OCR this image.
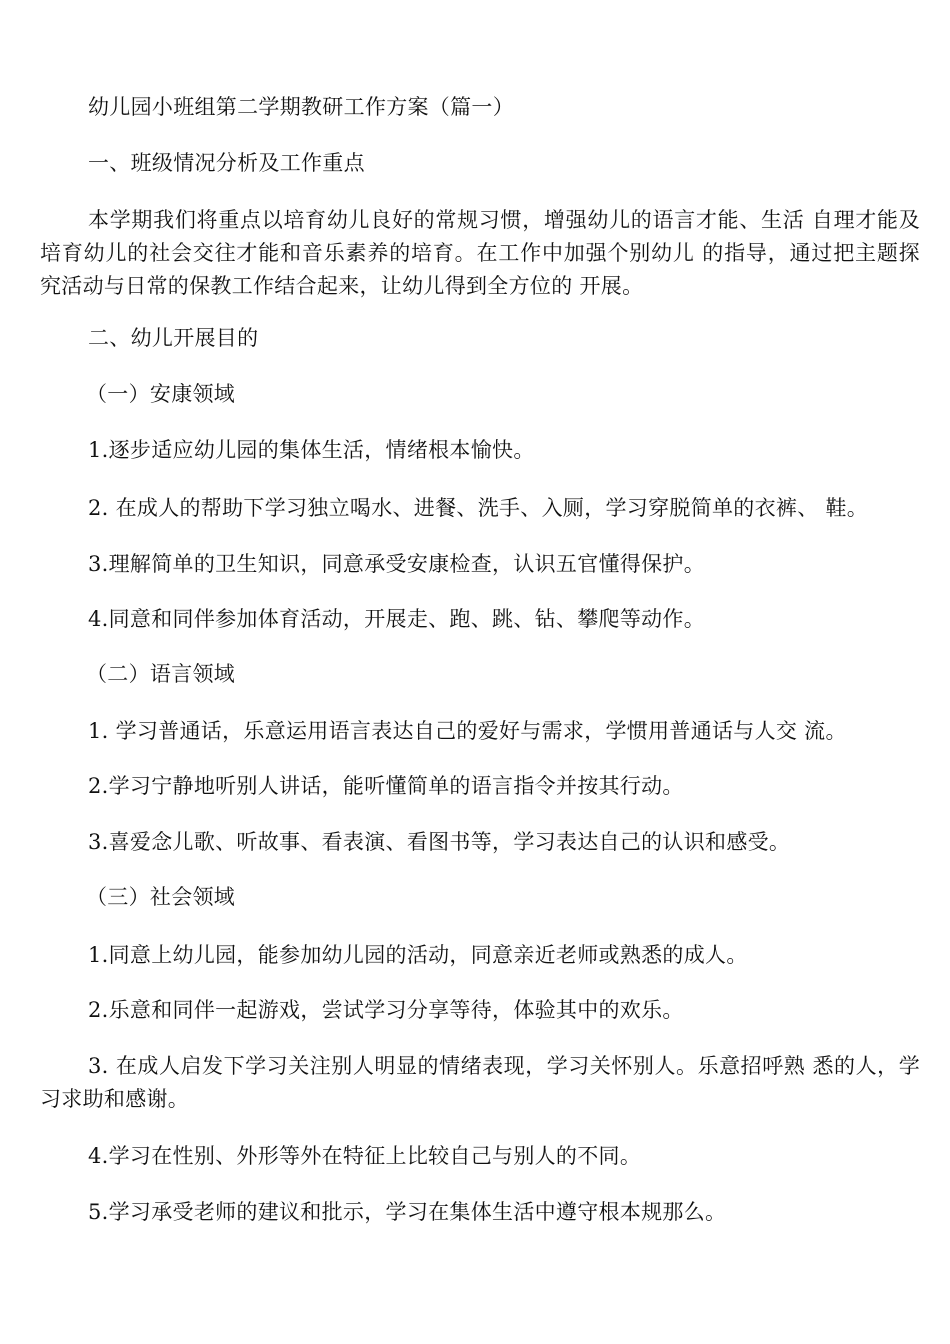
幼儿园小班组第二学期教研工作方案（篇一）
一、班级情况分析及工作重点
本学期我们将重点以培育幼儿良好的常规习惯，增强幼儿的语言才能、生活 自理才能及培育幼儿的社会交往才能和音乐素养的培育。在工作中加强个别幼儿 的指导，通过把主题探究活动与日常的保教工作结合起来，让幼儿得到全方位的 开展。
二、幼儿开展目的
（一）安康领域
1.逐步适应幼儿园的集体生活，情绪根本愉快。
2. 在成人的帮助下学习独立喝水、进餐、洗手、入厕，学习穿脱简单的衣裤、 鞋。
3.理解简单的卫生知识，同意承受安康检查，认识五官懂得保护。
4.同意和同伴参加体育活动，开展走、跑、跳、钻、攀爬等动作。
（二）语言领域
1. 学习普通话，乐意运用语言表达自己的爱好与需求，学惯用普通话与人交 流。
2.学习宁静地听别人讲话，能听懂简单的语言指令并按其行动。
3.喜爱念儿歌、听故事、看表演、看图书等，学习表达自己的认识和感受。
（三）社会领域
1.同意上幼儿园，能参加幼儿园的活动，同意亲近老师或熟悉的成人。
2.乐意和同伴一起游戏，尝试学习分享等待，体验其中的欢乐。
3. 在成人启发下学习关注别人明显的情绪表现，学习关怀别人。乐意招呼熟 悉的人，学习求助和感谢。
4.学习在性别、外形等外在特征上比较自己与别人的不同。
5.学习承受老师的建议和批示，学习在集体生活中遵守根本规那么。
